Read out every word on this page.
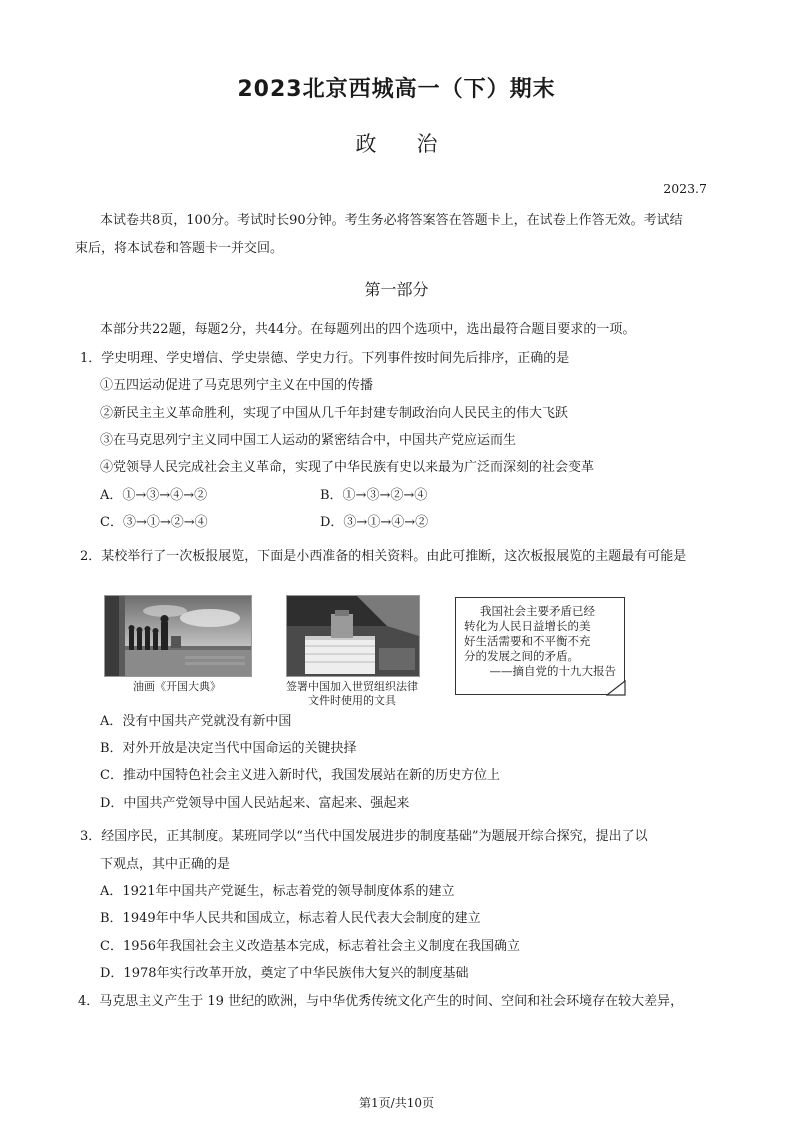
2023北京西城高一（下）期末
政治
2023.7
本试卷共8页，100分。考试时长90分钟。考生务必将答案答在答题卡上，在试卷上作答无效。考试结
束后，将本试卷和答题卡一并交回。
第一部分
本部分共22题，每题2分，共44分。在每题列出的四个选项中，选出最符合题目要求的一项。
1．学史明理、学史增信、学史崇德、学史力行。下列事件按时间先后排序，正确的是
①五四运动促进了马克思列宁主义在中国的传播
②新民主主义革命胜利，实现了中国从几千年封建专制政治向人民民主的伟大飞跃
③在马克思列宁主义同中国工人运动的紧密结合中，中国共产党应运而生
④党领导人民完成社会主义革命，实现了中华民族有史以来最为广泛而深刻的社会变革
A．①→③→④→②	B．①→③→②→④
C．③→①→②→④	D．③→①→④→②
2．某校举行了一次板报展览，下面是小西准备的相关资料。由此可推断，这次板报展览的主题最有可能是
油画《开国大典》	签署中国加入世贸组织法律
文件时使用的文具
我国社会主要矛盾已经
转化为人民日益增长的美
好生活需要和不平衡不充
分的发展之间的矛盾。
——摘自党的十九大报告
A．没有中国共产党就没有新中国
B．对外开放是决定当代中国命运的关键抉择
C．推动中国特色社会主义进入新时代，我国发展站在新的历史方位上
D．中国共产党领导中国人民站起来、富起来、强起来
3．经国序民，正其制度。某班同学以“当代中国发展进步的制度基础”为题展开综合探究，提出了以
下观点，其中正确的是
A．1921年中国共产党诞生，标志着党的领导制度体系的建立
B．1949年中华人民共和国成立，标志着人民代表大会制度的建立
C．1956年我国社会主义改造基本完成，标志着社会主义制度在我国确立
D．1978年实行改革开放，奠定了中华民族伟大复兴的制度基础
4．马克思主义产生于 19 世纪的欧洲，与中华优秀传统文化产生的时间、空间和社会环境存在较大差异，
第1页/共10页
